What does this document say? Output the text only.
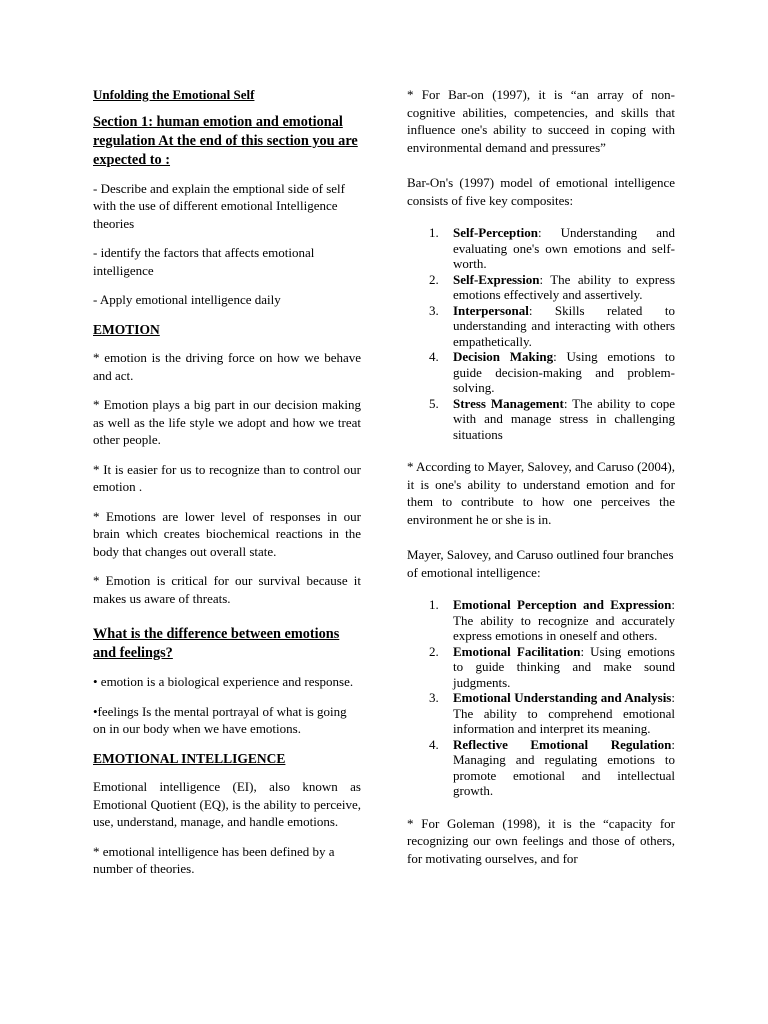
Unfolding the Emotional Self

Section 1: human emotion and emotional regulation At the end of this section you are expected to :

- Describe and explain the emptional side of self with the use of different emotional Intelligence theories

- identify the factors that affects emotional intelligence

- Apply emotional intelligence daily

EMOTION

* emotion is the driving force on how we behave and act.

* Emotion plays a big part in our decision making as well as the life style we adopt and how we treat other people.

* It is easier for us to recognize than to control our emotion .

* Emotions are lower level of responses in our brain which creates biochemical reactions in the body that changes out overall state.

* Emotion is critical for our survival because it makes us aware of threats.

What is the difference between emotions and feelings?

• emotion is a biological experience and response.

•feelings Is the mental portrayal of what is going on in our body when we have emotions.

EMOTIONAL INTELLIGENCE

Emotional intelligence (EI), also known as Emotional Quotient (EQ), is the ability to perceive, use, understand, manage, and handle emotions.

* emotional intelligence has been defined by a number of theories.

* For Bar-on (1997), it is “an array of non-cognitive abilities, competencies, and skills that influence one's ability to succeed in coping with environmental demand and pressures”

Bar-On's (1997) model of emotional intelligence consists of five key composites:

Self-Perception: Understanding and evaluating one's own emotions and self-worth.
Self-Expression: The ability to express emotions effectively and assertively.
Interpersonal: Skills related to understanding and interacting with others empathetically.
Decision Making: Using emotions to guide decision-making and problem-solving.
Stress Management: The ability to cope with and manage stress in challenging situations

* According to Mayer, Salovey, and Caruso (2004), it is one's ability to understand emotion and for them to contribute to how one perceives the environment he or she is in.

Mayer, Salovey, and Caruso outlined four branches of emotional intelligence:

Emotional Perception and Expression: The ability to recognize and accurately express emotions in oneself and others.
Emotional Facilitation: Using emotions to guide thinking and make sound judgments.
Emotional Understanding and Analysis: The ability to comprehend emotional information and interpret its meaning.
Reflective Emotional Regulation: Managing and regulating emotions to promote emotional and intellectual growth.

* For Goleman (1998), it is the “capacity for recognizing our own feelings and those of others, for motivating ourselves, and for
